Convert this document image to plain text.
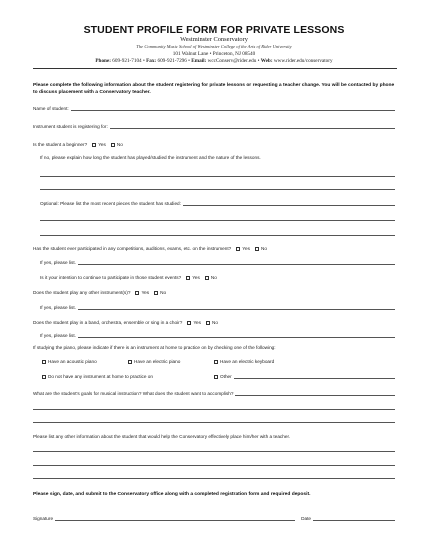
STUDENT PROFILE FORM FOR PRIVATE LESSONS
Westminster Conservatory
The Community Music School of Westminster College of the Arts of Rider University
101 Walnut Lane • Princeton, NJ 08540
Phone: 609-921-7104 • Fax: 609-921-7296 • Email: wccConserv@rider.edu • Web: www.rider.edu/conservatory
Please complete the following information about the student registering for private lessons or requesting a teacher change. You will be contacted by phone to discuss placement with a Conservatory teacher.
Name of student:
Instrument student is registering for:
Is the student a beginner? Yes No
If no, please explain how long the student has played/studied the instrument and the nature of the lessons.
Optional: Please list the most recent pieces the student has studied:
Has the student ever participated in any competitions, auditions, exams, etc. on the instrument? Yes No
If yes, please list.
Is it your intention to continue to participate in those student events? Yes No
Does the student play any other instrument(s)? Yes No
If yes, please list.
Does the student play in a band, orchestra, ensemble or sing in a choir? Yes No
If yes, please list.
If studying the piano, please indicate if there is an instrument at home to practice on by checking one of the following:
Have an acoustic piano	Have an electric piano	Have an electric keyboard
Do not have any instrument at home to practice on	Other
What are the student's goals for musical instruction? What does the student want to accomplish?
Please list any other information about the student that would help the Conservatory effectively place him/her with a teacher.
Please sign, date, and submit to the Conservatory office along with a completed registration form and required deposit.
Signature	Date
